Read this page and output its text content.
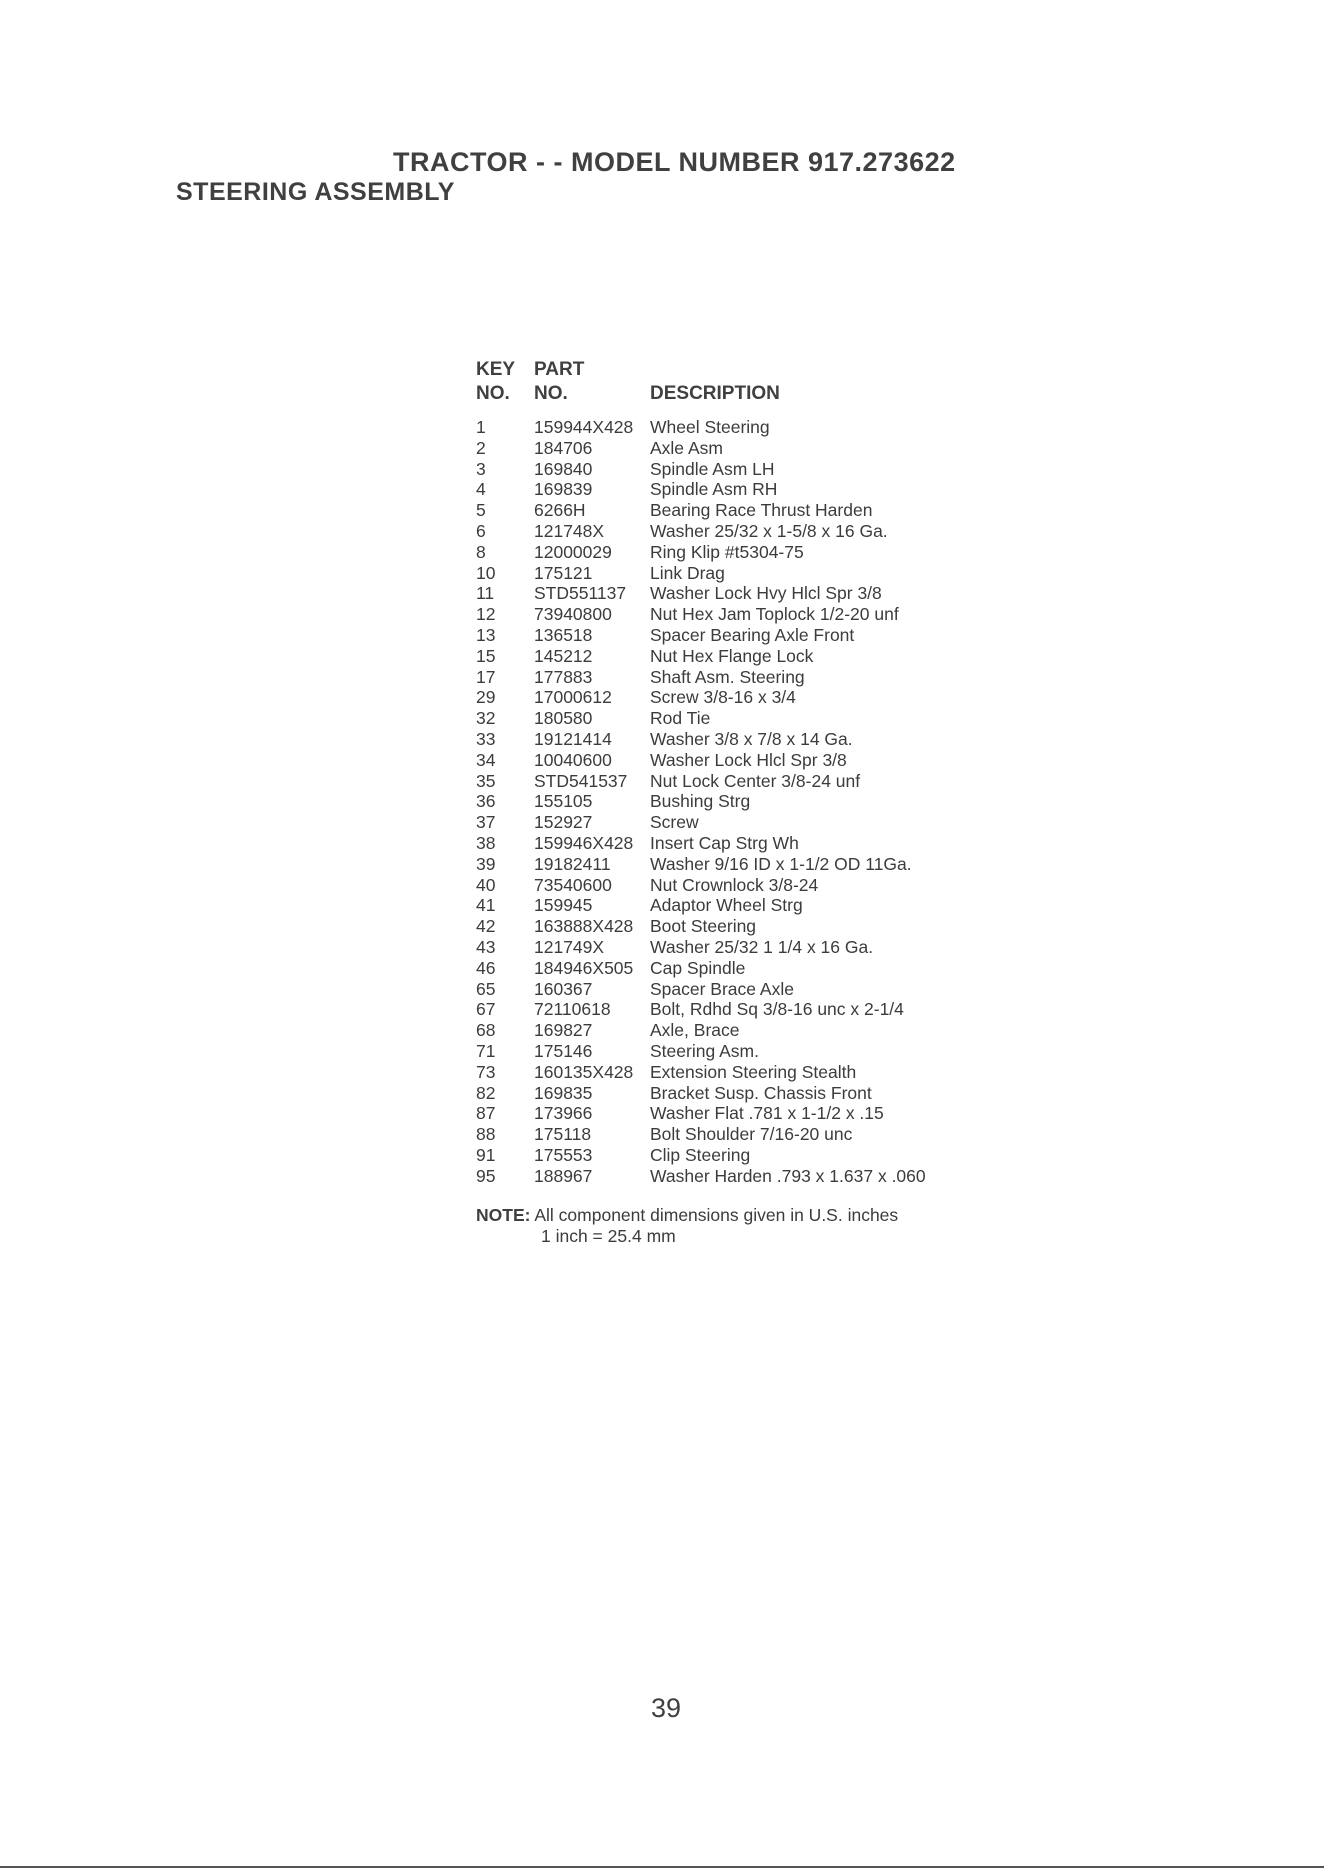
TRACTOR - - MODEL NUMBER 917.273622
STEERING ASSEMBLY
KEY PART
NO. NO.	DESCRIPTION
1	159944X428 Wheel Steering
2	184706	Axle Asm
3	169840	Spindle Asm LH
4	169839	Spindle Asm RH
5	6266H	Bearing Race Thrust Harden
6	121748X	Washer 25/32 x 1-5/8 x 16 Ga.
8	12000029 Ring Klip #t5304-75
10 175121	Link Drag
11 STD551137 Washer Lock Hvy Hlcl Spr 3/8
12 73940800 Nut Hex Jam Toplock 1/2-20 unf
13 136518	Spacer Bearing Axle Front
15 145212	Nut Hex Flange Lock
17 177883	Shaft Asm. Steering
29 17000612 Screw 3/8-16 x 3/4
32 180580	Rod Tie
33 19121414 Washer 3/8 x 7/8 x 14 Ga.
34 10040600 Washer Lock Hlcl Spr 3/8
35 STD541537 Nut Lock Center 3/8-24 unf
36 155105	Bushing Strg
37 152927	Screw
38 159946X428 Insert Cap Strg Wh
39 19182411 Washer 9/16 ID x 1-1/2 OD 11Ga.
40 73540600 Nut Crownlock 3/8-24
41 159945	Adaptor Wheel Strg
42 163888X428 Boot Steering
43 121749X	Washer 25/32 1 1/4 x 16 Ga.
46 184946X505 Cap Spindle
65 160367	Spacer Brace Axle
67 72110618 Bolt, Rdhd Sq 3/8-16 unc x 2-1/4
68 169827	Axle, Brace
71 175146	Steering Asm.
73 160135X428 Extension Steering Stealth
82 169835	Bracket Susp. Chassis Front
87 173966	Washer Flat .781 x 1-1/2 x .15
88 175118	Bolt Shoulder 7/16-20 unc
91 175553	Clip Steering
95 188967	Washer Harden .793 x 1.637 x .060
NOTE: All component dimensions given in U.S. inches
1 inch = 25.4 mm
39
